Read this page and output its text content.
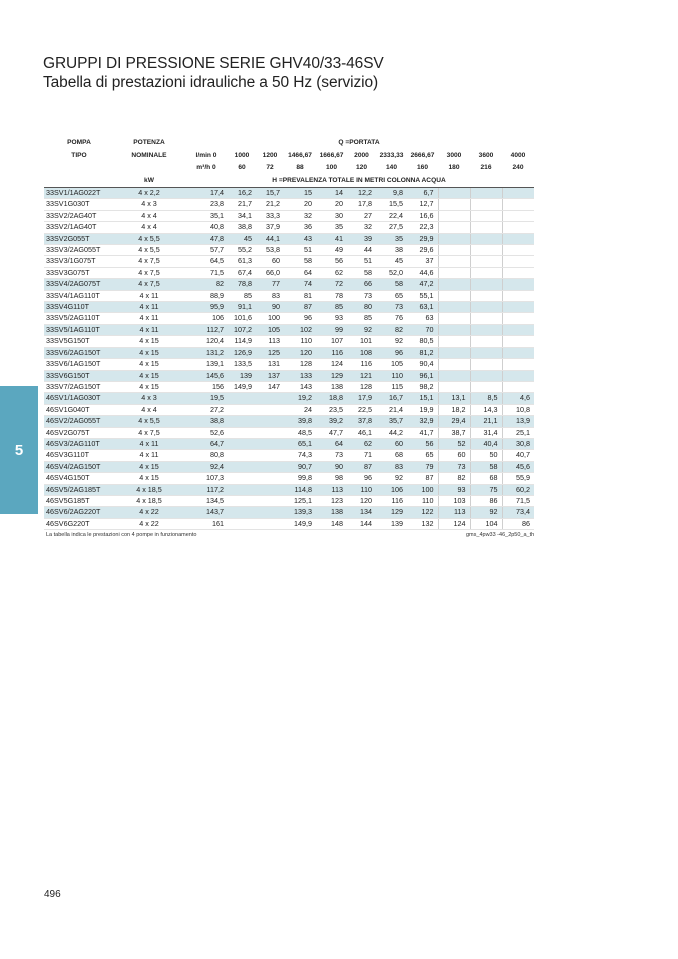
GRUPPI DI PRESSIONE SERIE GHV40/33-46SV
Tabella di prestazioni idrauliche a 50 Hz (servizio)
5
POMPA	POTENZA	Q =PORTATA										
TIPO	NOMINALE	l/min 0	1000	1200	1466,67	1666,67	2000	2333,33	2666,67	3000	3600	4000
		m³/h 0	60	72	88	100	120	140	160	180	216	240
	kW	H =PREVALENZA TOTALE IN METRI COLONNA ACQUA										
33SV1/1AG022T	4 x 2,2	17,4	16,2	15,7	15	14	12,2	9,8	6,7			
33SV1G030T	4 x 3	23,8	21,7	21,2	20	20	17,8	15,5	12,7			
33SV2/2AG40T	4 x 4	35,1	34,1	33,3	32	30	27	22,4	16,6			
33SV2/1AG40T	4 x 4	40,8	38,8	37,9	36	35	32	27,5	22,3			
33SV2G055T	4 x 5,5	47,8	45	44,1	43	41	39	35	29,9			
33SV3/2AG055T	4 x 5,5	57,7	55,2	53,8	51	49	44	38	29,6			
33SV3/1G075T	4 x 7,5	64,5	61,3	60	58	56	51	45	37			
33SV3G075T	4 x 7,5	71,5	67,4	66,0	64	62	58	52,0	44,6			
33SV4/2AG075T	4 x 7,5	82	78,8	77	74	72	66	58	47,2			
33SV4/1AG110T	4 x 11	88,9	85	83	81	78	73	65	55,1			
33SV4G110T	4 x 11	95,9	91,1	90	87	85	80	73	63,1			
33SV5/2AG110T	4 x 11	106	101,6	100	96	93	85	76	63			
33SV5/1AG110T	4 x 11	112,7	107,2	105	102	99	92	82	70			
33SV5G150T	4 x 15	120,4	114,9	113	110	107	101	92	80,5			
33SV6/2AG150T	4 x 15	131,2	126,9	125	120	116	108	96	81,2			
33SV6/1AG150T	4 x 15	139,1	133,5	131	128	124	116	105	90,4			
33SV6G150T	4 x 15	145,6	139	137	133	129	121	110	96,1			
33SV7/2AG150T	4 x 15	156	149,9	147	143	138	128	115	98,2			
46SV1/1AG030T	4 x 3	19,5			19,2	18,8	17,9	16,7	15,1	13,1	8,5	4,6
46SV1G040T	4 x 4	27,2			24	23,5	22,5	21,4	19,9	18,2	14,3	10,8
46SV2/2AG055T	4 x 5,5	38,8			39,8	39,2	37,8	35,7	32,9	29,4	21,1	13,9
46SV2G075T	4 x 7,5	52,6			48,5	47,7	46,1	44,2	41,7	38,7	31,4	25,1
46SV3/2AG110T	4 x 11	64,7			65,1	64	62	60	56	52	40,4	30,8
46SV3G110T	4 x 11	80,8			74,3	73	71	68	65	60	50	40,7
46SV4/2AG150T	4 x 15	92,4			90,7	90	87	83	79	73	58	45,6
46SV4G150T	4 x 15	107,3			99,8	98	96	92	87	82	68	55,9
46SV5/2AG185T	4 x 18,5	117,2			114,8	113	110	106	100	93	75	60,2
46SV5G185T	4 x 18,5	134,5			125,1	123	120	116	110	103	86	71,5
46SV6/2AG220T	4 x 22	143,7			139,3	138	134	129	122	113	92	73,4
46SV6G220T	4 x 22	161			149,9	148	144	139	132	124	104	86
La tabella indica le prestazioni con 4 pompe in funzionamento	gms_4pw33 -46_2p50_a_th
496
